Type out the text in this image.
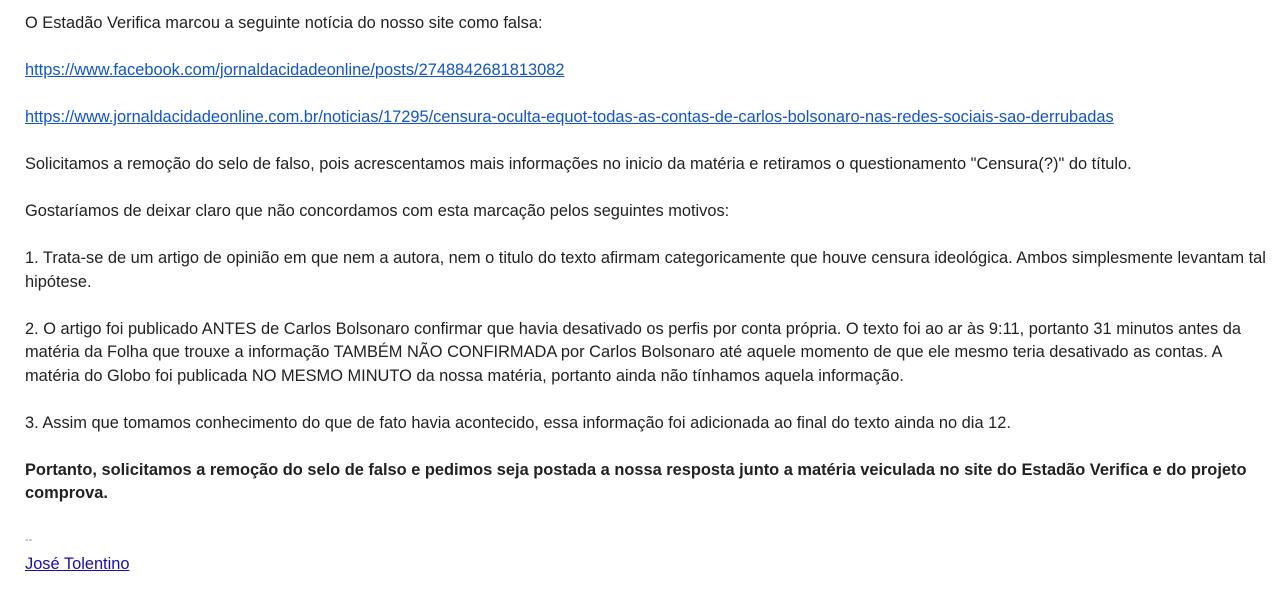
O Estadão Verifica marcou a seguinte notícia do nosso site como falsa:

https://www.facebook.com/jornaldacidadeonline/posts/2748842681813082

https://www.jornaldacidadeonline.com.br/noticias/17295/censura-oculta-equot-todas-as-contas-de-carlos-bolsonaro-nas-redes-sociais-sao-derrubadas

Solicitamos a remoção do selo de falso, pois acrescentamos mais informações no inicio da matéria e retiramos o questionamento "Censura(?)" do título.

Gostaríamos de deixar claro que não concordamos com esta marcação pelos seguintes motivos:

1. Trata-se de um artigo de opinião em que nem a autora, nem o titulo do texto afirmam categoricamente que houve censura ideológica. Ambos simplesmente levantam tal hipótese.

2. O artigo foi publicado ANTES de Carlos Bolsonaro confirmar que havia desativado os perfis por conta própria. O texto foi ao ar às 9:11, portanto 31 minutos antes da matéria da Folha que trouxe a informação TAMBÉM NÃO CONFIRMADA por Carlos Bolsonaro até aquele momento de que ele mesmo teria desativado as contas. A matéria do Globo foi publicada NO MESMO MINUTO da nossa matéria, portanto ainda não tínhamos aquela informação.

3. Assim que tomamos conhecimento do que de fato havia acontecido, essa informação foi adicionada ao final do texto ainda no dia 12.

Portanto, solicitamos a remoção do selo de falso e pedimos seja postada a nossa resposta junto a matéria veiculada no site do Estadão Verifica e do projeto comprova.

--

José Tolentino
